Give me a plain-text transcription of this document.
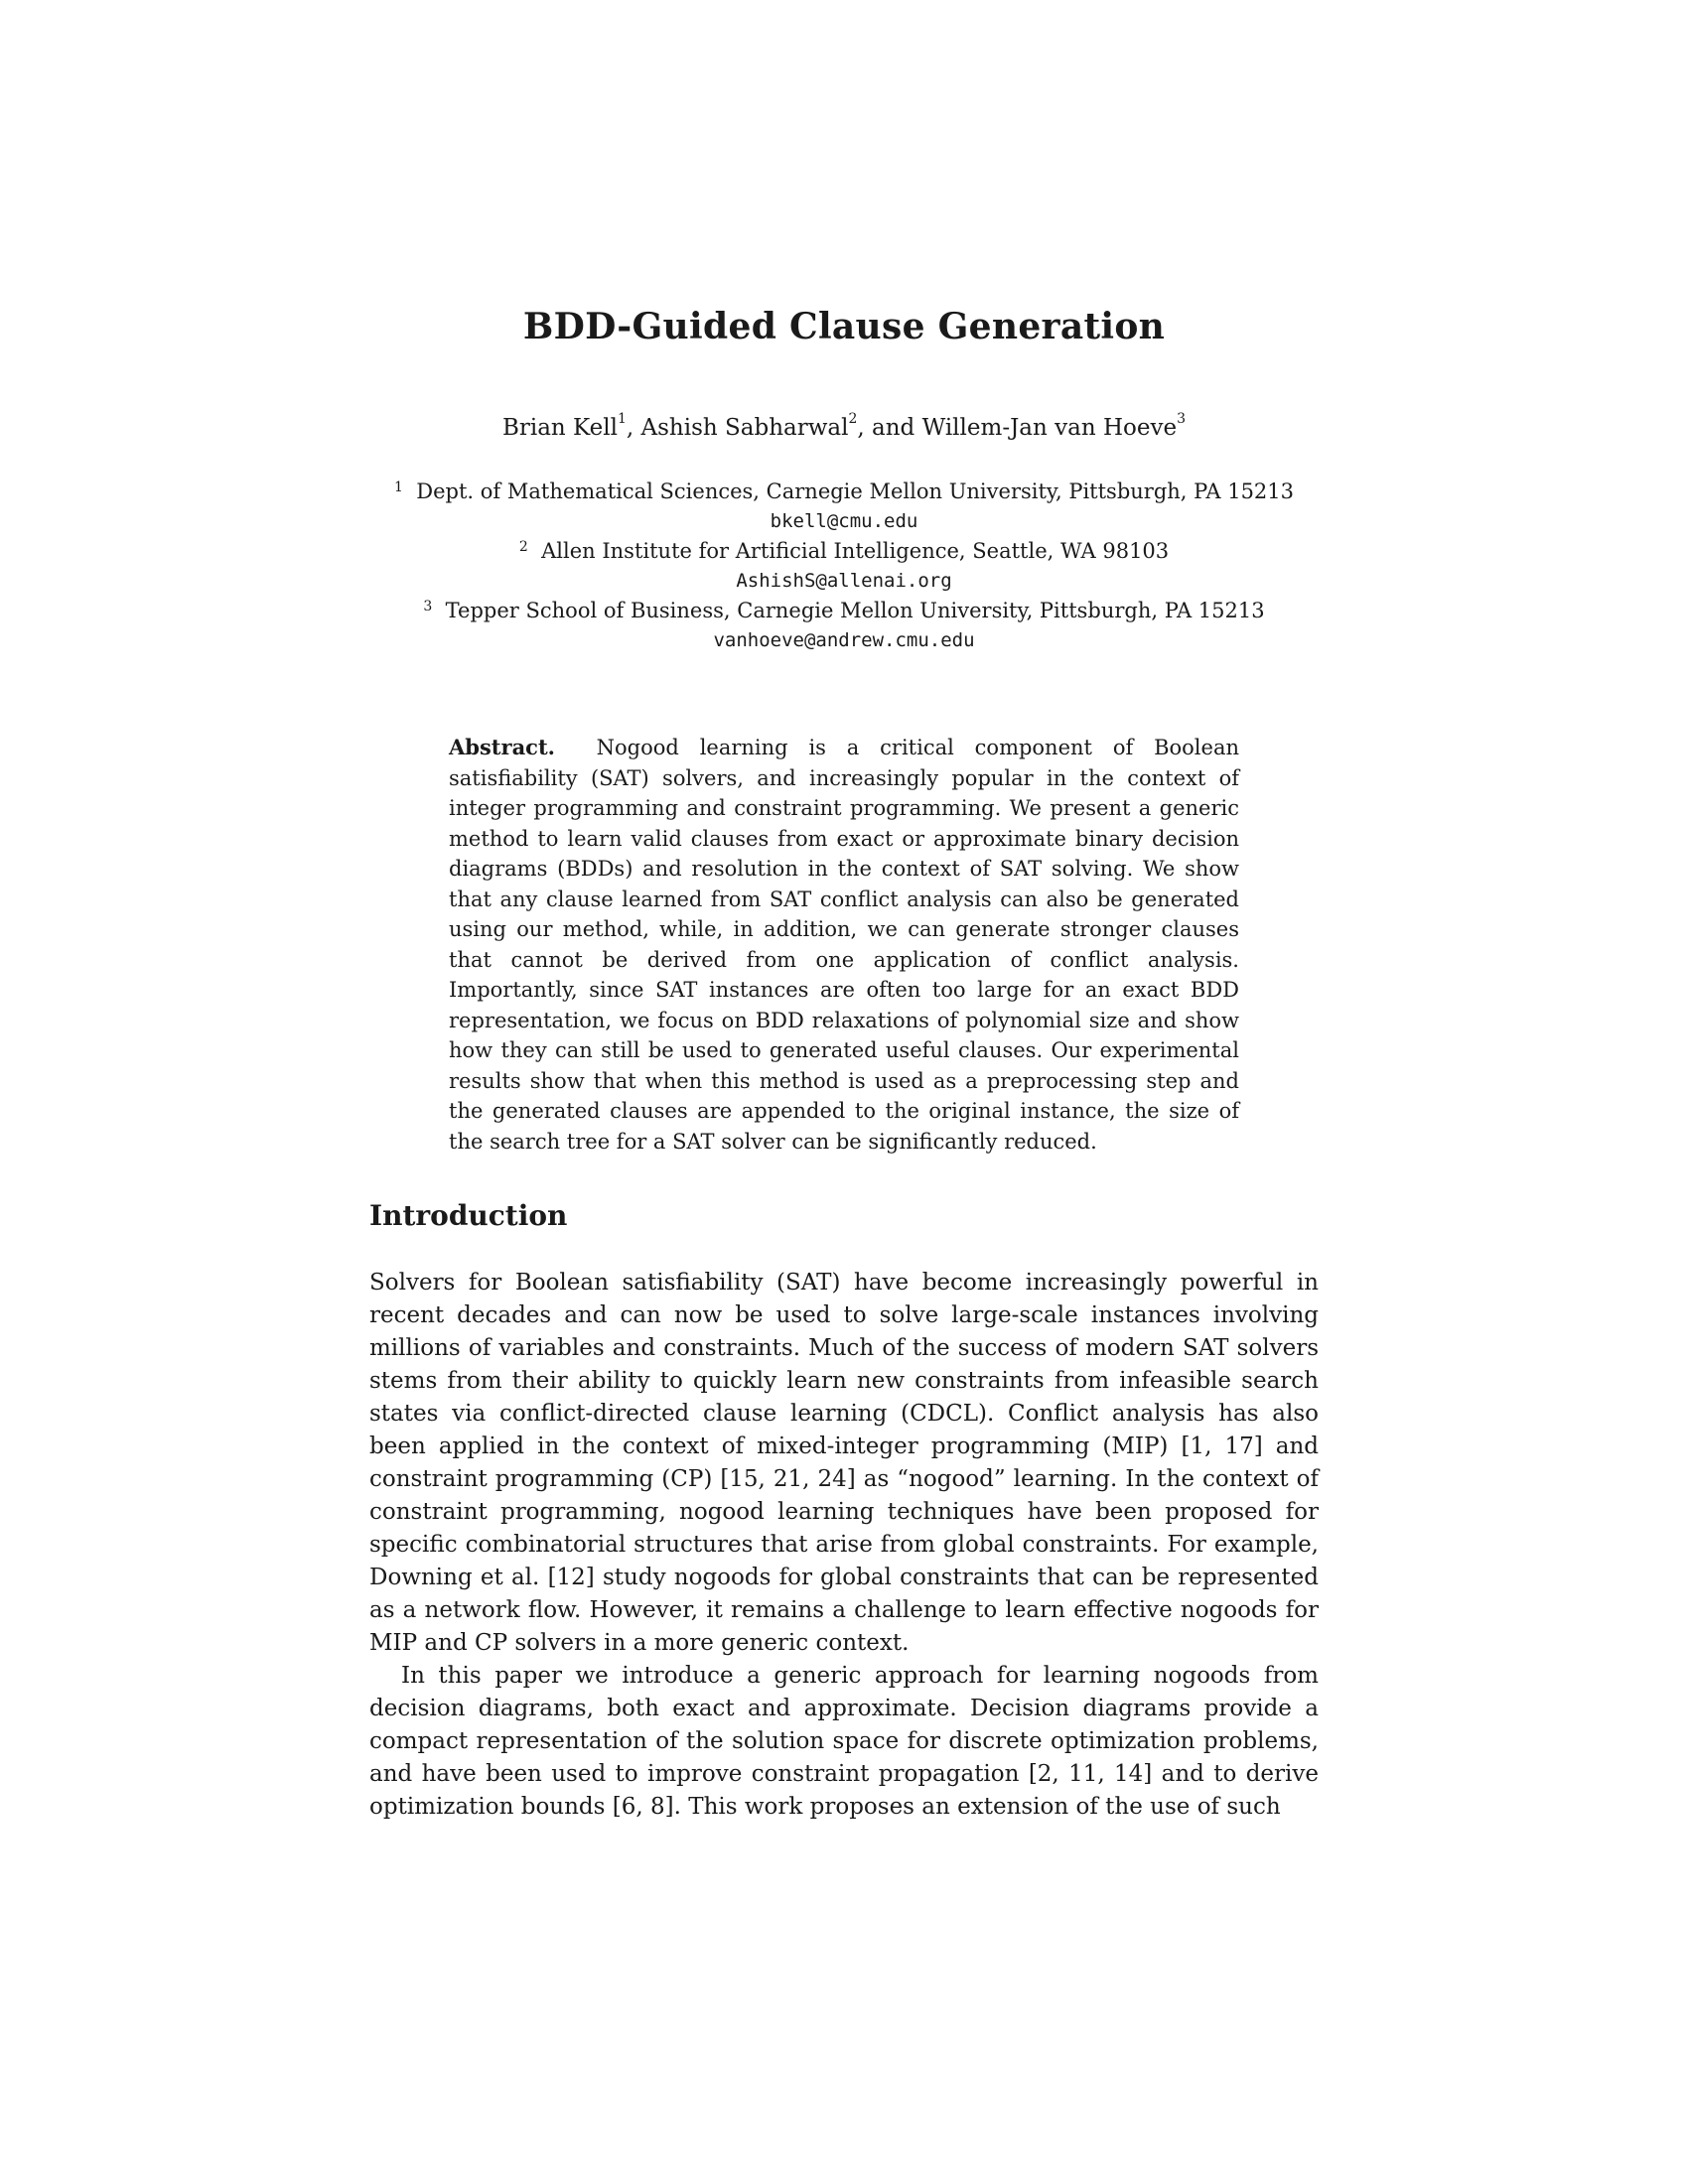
BDD-Guided Clause Generation
Brian Kell$^1$, Ashish Sabharwal$^2$, and Willem-Jan van Hoeve$^3$
$^1$ Dept. of Mathematical Sciences, Carnegie Mellon University, Pittsburgh, PA 15213
bkell@cmu.edu
$^2$ Allen Institute for Artificial Intelligence, Seattle, WA 98103
AshishS@allenai.org
$^3$ Tepper School of Business, Carnegie Mellon University, Pittsburgh, PA 15213
vanhoeve@andrew.cmu.edu
Abstract. Nogood learning is a critical component of Boolean satisfiability (SAT) solvers, and increasingly popular in the context of integer programming and constraint programming. We present a generic method to learn valid clauses from exact or approximate binary decision diagrams (BDDs) and resolution in the context of SAT solving. We show that any clause learned from SAT conflict analysis can also be generated using our method, while, in addition, we can generate stronger clauses that cannot be derived from one application of conflict analysis. Importantly, since SAT instances are often too large for an exact BDD representation, we focus on BDD relaxations of polynomial size and show how they can still be used to generated useful clauses. Our experimental results show that when this method is used as a preprocessing step and the generated clauses are appended to the original instance, the size of the search tree for a SAT solver can be significantly reduced.
Introduction

Solvers for Boolean satisfiability (SAT) have become increasingly powerful in recent decades and can now be used to solve large-scale instances involving millions of variables and constraints. Much of the success of modern SAT solvers stems from their ability to quickly learn new constraints from infeasible search states via conflict-directed clause learning (CDCL). Conflict analysis has also been applied in the context of mixed-integer programming (MIP) [1, 17] and constraint programming (CP) [15, 21, 24] as “nogood” learning. In the context of constraint programming, nogood learning techniques have been proposed for specific combinatorial structures that arise from global constraints. For example, Downing et al. [12] study nogoods for global constraints that can be represented as a network flow. However, it remains a challenge to learn effective nogoods for MIP and CP solvers in a more generic context.

In this paper we introduce a generic approach for learning nogoods from decision diagrams, both exact and approximate. Decision diagrams provide a compact representation of the solution space for discrete optimization problems, and have been used to improve constraint propagation [2, 11, 14] and to derive optimization bounds [6, 8]. This work proposes an extension of the use of such
